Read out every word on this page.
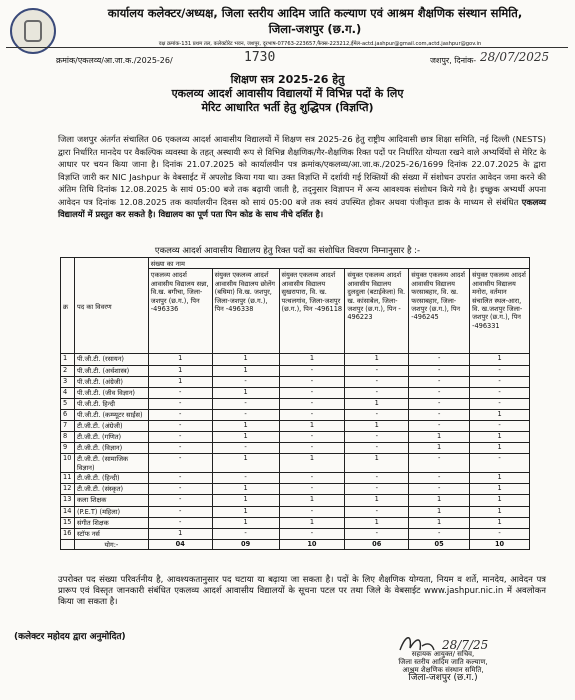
कार्यालय कलेक्टर/अध्यक्ष, जिला स्तरीय आदिम जाति कल्याण एवं आश्रम शैक्षणिक संस्थान समिति,
जिला-जशपुर (छ.ग.)
वक्ष क्रमांक-131 प्रथम तल, कलेक्टोरेट भवन, जशपुर, दूरभाष-07763-223657,फैक्स-223212,ईमेल-actd.jashpur@gmail.com,actd.jashpur@gov.in
क्रमांक/एकलव्य/आ.जा.क./2025-26/	1730	जशपुर, दिनांक- 28/07/2025
शिक्षण सत्र 2025-26 हेतु
एकलव्य आदर्श आवासीय विद्यालयों में विभिन्न पदों के लिए
मेरिट आधारित भर्ती हेतु शुद्धिपत्र (विज्ञप्ति)
जिला जशपुर अंतर्गत संचालित 06 एकलव्य आदर्श आवासीय विद्यालयों में शिक्षण सत्र 2025-26 हेतु राष्ट्रीय आदिवासी छात्र शिक्षा समिति, नई दिल्ली (NESTS) द्वारा निर्धारित मानदेय पर वैकल्पिक व्यवस्था के तहत् अस्थायी रूप से विभिन्न शैक्षणिक/गैर-शैक्षणिक रिक्त पदों पर निर्धारित योग्यता रखने वाले अभ्यर्थियों से मेरिट के आधार पर चयन किया जाना है। दिनांक 21.07.2025 को कार्यालयीन पत्र क्रमांक/एकलव्य/आ.जा.क./2025-26/1699 दिनांक 22.07.2025 के द्वारा विज्ञप्ति जारी कर NIC Jashpur के वेबसाईट में अपलोड किया गया था। उक्त विज्ञप्ति में दर्शायी गई रिक्तियों की संख्या में संशोधन उपरांत आवेदन जमा करने की अंतिम तिथि दिनांक 12.08.2025 के सायं 05:00 बजे तक बढ़ायी जाती है, तद्नुसार विज्ञापन में अन्य आवश्यक संशोधन किये गये है। इच्छुक अभ्यर्थी अपना आवेदन पत्र दिनांक 12.08.2025 तक कार्यालयीन दिवस को सायं 05:00 बजे तक स्वयं उपस्थित होकर अथवा पंजीकृत डाक के माध्यम से संबंधित एकलव्य विद्यालयों में प्रस्तुत कर सकते है। विद्यालय का पूर्ण पता पिन कोड के साथ नीचे दर्शित है।
एकलव्य आदर्श आवासीय विद्यालय हेतु रिक्त पदों का संशोधित विवरण निम्नानुसार है :-
क्र	पद का विवरण	संख्या का नाम					
		एकलव्य आदर्श आवासीय विद्यालय सन्ना, वि.ख. बगीचा, जिला-जशपुर (छ.ग.), पिन -496336	संयुक्त एकलव्य आदर्श आवासीय विद्यालय छोलेंग (बघिमा) वि.ख. जशपुर, जिला-जशपुर (छ.ग.), पिन -496338	संयुक्त एकलव्य आदर्श आवासीय विद्यालय सुखरापारा, वि. ख. पत्थलगांव, जिला-जशपुर (छ.ग.), पिन -496118	संयुक्त एकलव्य आदर्श आवासीय विद्यालय दुलदुला (बटाईकेला) वि. ख. कांसाबेल, जिला-जशपुर (छ.ग.), पिन - 496223	संयुक्त एकलव्य आदर्श आवासीय विद्यालय फरसाबहार, वि. ख. फरसाबहार, जिला-जशपुर (छ.ग.), पिन -496245	संयुक्त एकलव्य आदर्श आवासीय विद्यालय मनोरा, वर्तमान संचालित स्थल-आरा, वि. ख.जशपुर जिला-जशपुर (छ.ग.), पिन -496331
1	पी.जी.टी. (रसायन)	1	1	1	1	-	1
2	पी.जी.टी. (अर्थशास्त्र)	1	1	-	-	-	-
3	पी.जी.टी. (अंग्रेजी)	1	-	-	-	-	-
4	पी.जी.टी. (जीव विज्ञान)	-	1	-	-	-	-
5	पी.जी.टी. हिन्दी	-	-	-	1	-	-
6	पी.जी.टी. (कम्प्यूटर साईंस)	-	-	-	-	-	1
7	टी.जी.टी. (अंग्रेजी)	-	1	1	1	-	-
8	टी.जी.टी. (गणित)	-	1	-	-	1	1
9	टी.जी.टी. (विज्ञान)	-	-	-	-	1	1
10	टी.जी.टी. (सामाजिक विज्ञान)	-	1	1	1	-	-
11	टी.जी.टी. (हिन्दी)	-	-	-	-	-	1
12	टी.जी.टी. (संस्कृत)	-	1	-	-	-	1
13	कला शिक्षक	-	1	1	1	1	1
14	(P.E.T) (महिला)	-	1	-	-	1	1
15	संगीत शिक्षक	-	1	1	1	1	1
16	स्टॉफ नर्स	1	-	-	-	-	-
	योग:-	04	09	10	06	05	10
उपरोक्त पद संख्या परिवर्तनीय है, आवश्यकतानुसार पद घटाया या बढ़ाया जा सकता है। पदों के लिए शैक्षणिक योग्यता, नियम व शर्ते, मानदेय, आवेदन पत्र प्रारूप एवं विस्तृत जानकारी संबंधित एकलव्य आदर्श आवासीय विद्यालयों के सूचना पटल पर तथा जिले के वेबसाईट www.jashpur.nic.in में अवलोकन किया जा सकता है।
(कलेक्टर महोदय द्वारा अनुमोदित)
28/7/25
सहायक आयुक्त/ सचिव,
जिला स्तरीय आदिम जाति कल्याण,
आश्रम शैक्षणिक संस्थान समिति,
जिला-जशपुर (छ.ग.)
